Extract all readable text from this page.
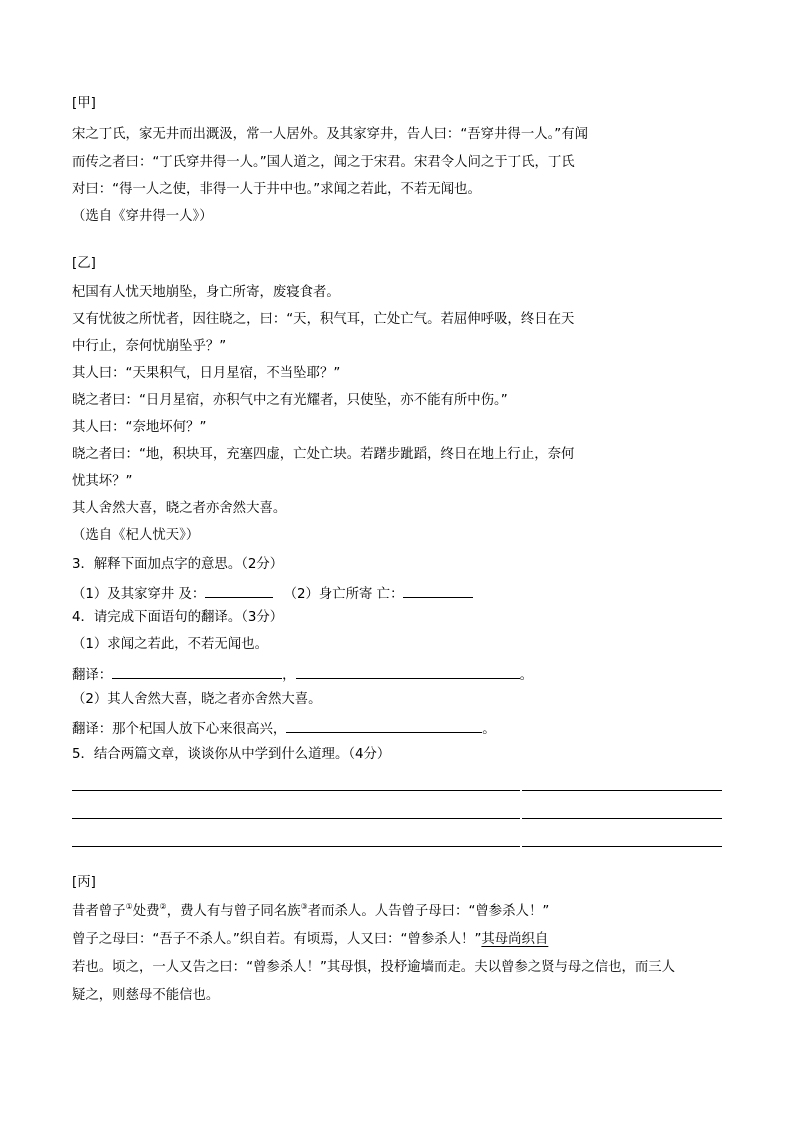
[甲]
宋之丁氏，家无井而出溉汲，常一人居外。及其家穿井，告人曰：“吾穿井得一人。”有闻
而传之者曰：“丁氏穿井得一人。”国人道之，闻之于宋君。宋君令人问之于丁氏，丁氏
对曰：“得一人之使，非得一人于井中也。”求闻之若此，不若无闻也。
（选自《穿井得一人》）
[乙]
杞国有人忧天地崩坠，身亡所寄，废寝食者。
又有忧彼之所忧者，因往晓之，曰：“天，积气耳，亡处亡气。若屈伸呼吸，终日在天
中行止，奈何忧崩坠乎？”
其人曰：“天果积气，日月星宿，不当坠耶？”
晓之者曰：“日月星宿，亦积气中之有光耀者，只使坠，亦不能有所中伤。”
其人曰：“奈地坏何？”
晓之者曰：“地，积块耳，充塞四虚，亡处亡块。若躇步跐蹈，终日在地上行止，奈何
忧其坏？”
其人舍然大喜，晓之者亦舍然大喜。
（选自《杞人忧天》）
3．解释下面加点字的意思。（2分）
（1）及其家穿井 及：	（2）身亡所寄 亡：
4．请完成下面语句的翻译。（3分）
（1）求闻之若此，不若无闻也。
翻译：	，	。
（2）其人舍然大喜，晓之者亦舍然大喜。
翻译：那个杞国人放下心来很高兴，	。
5．结合两篇文章，谈谈你从中学到什么道理。（4分）
[丙]
昔者曾子①处费②，费人有与曾子同名族③者而杀人。人告曾子母曰：“曾参杀人！”
曾子之母曰：“吾子不杀人。”织自若。有顷焉，人又曰：“曾参杀人！”其母尚织自
若也。顷之，一人又告之曰：“曾参杀人！”其母惧，投杼逾墙而走。夫以曾参之贤与母之信也，而三人
疑之，则慈母不能信也。
